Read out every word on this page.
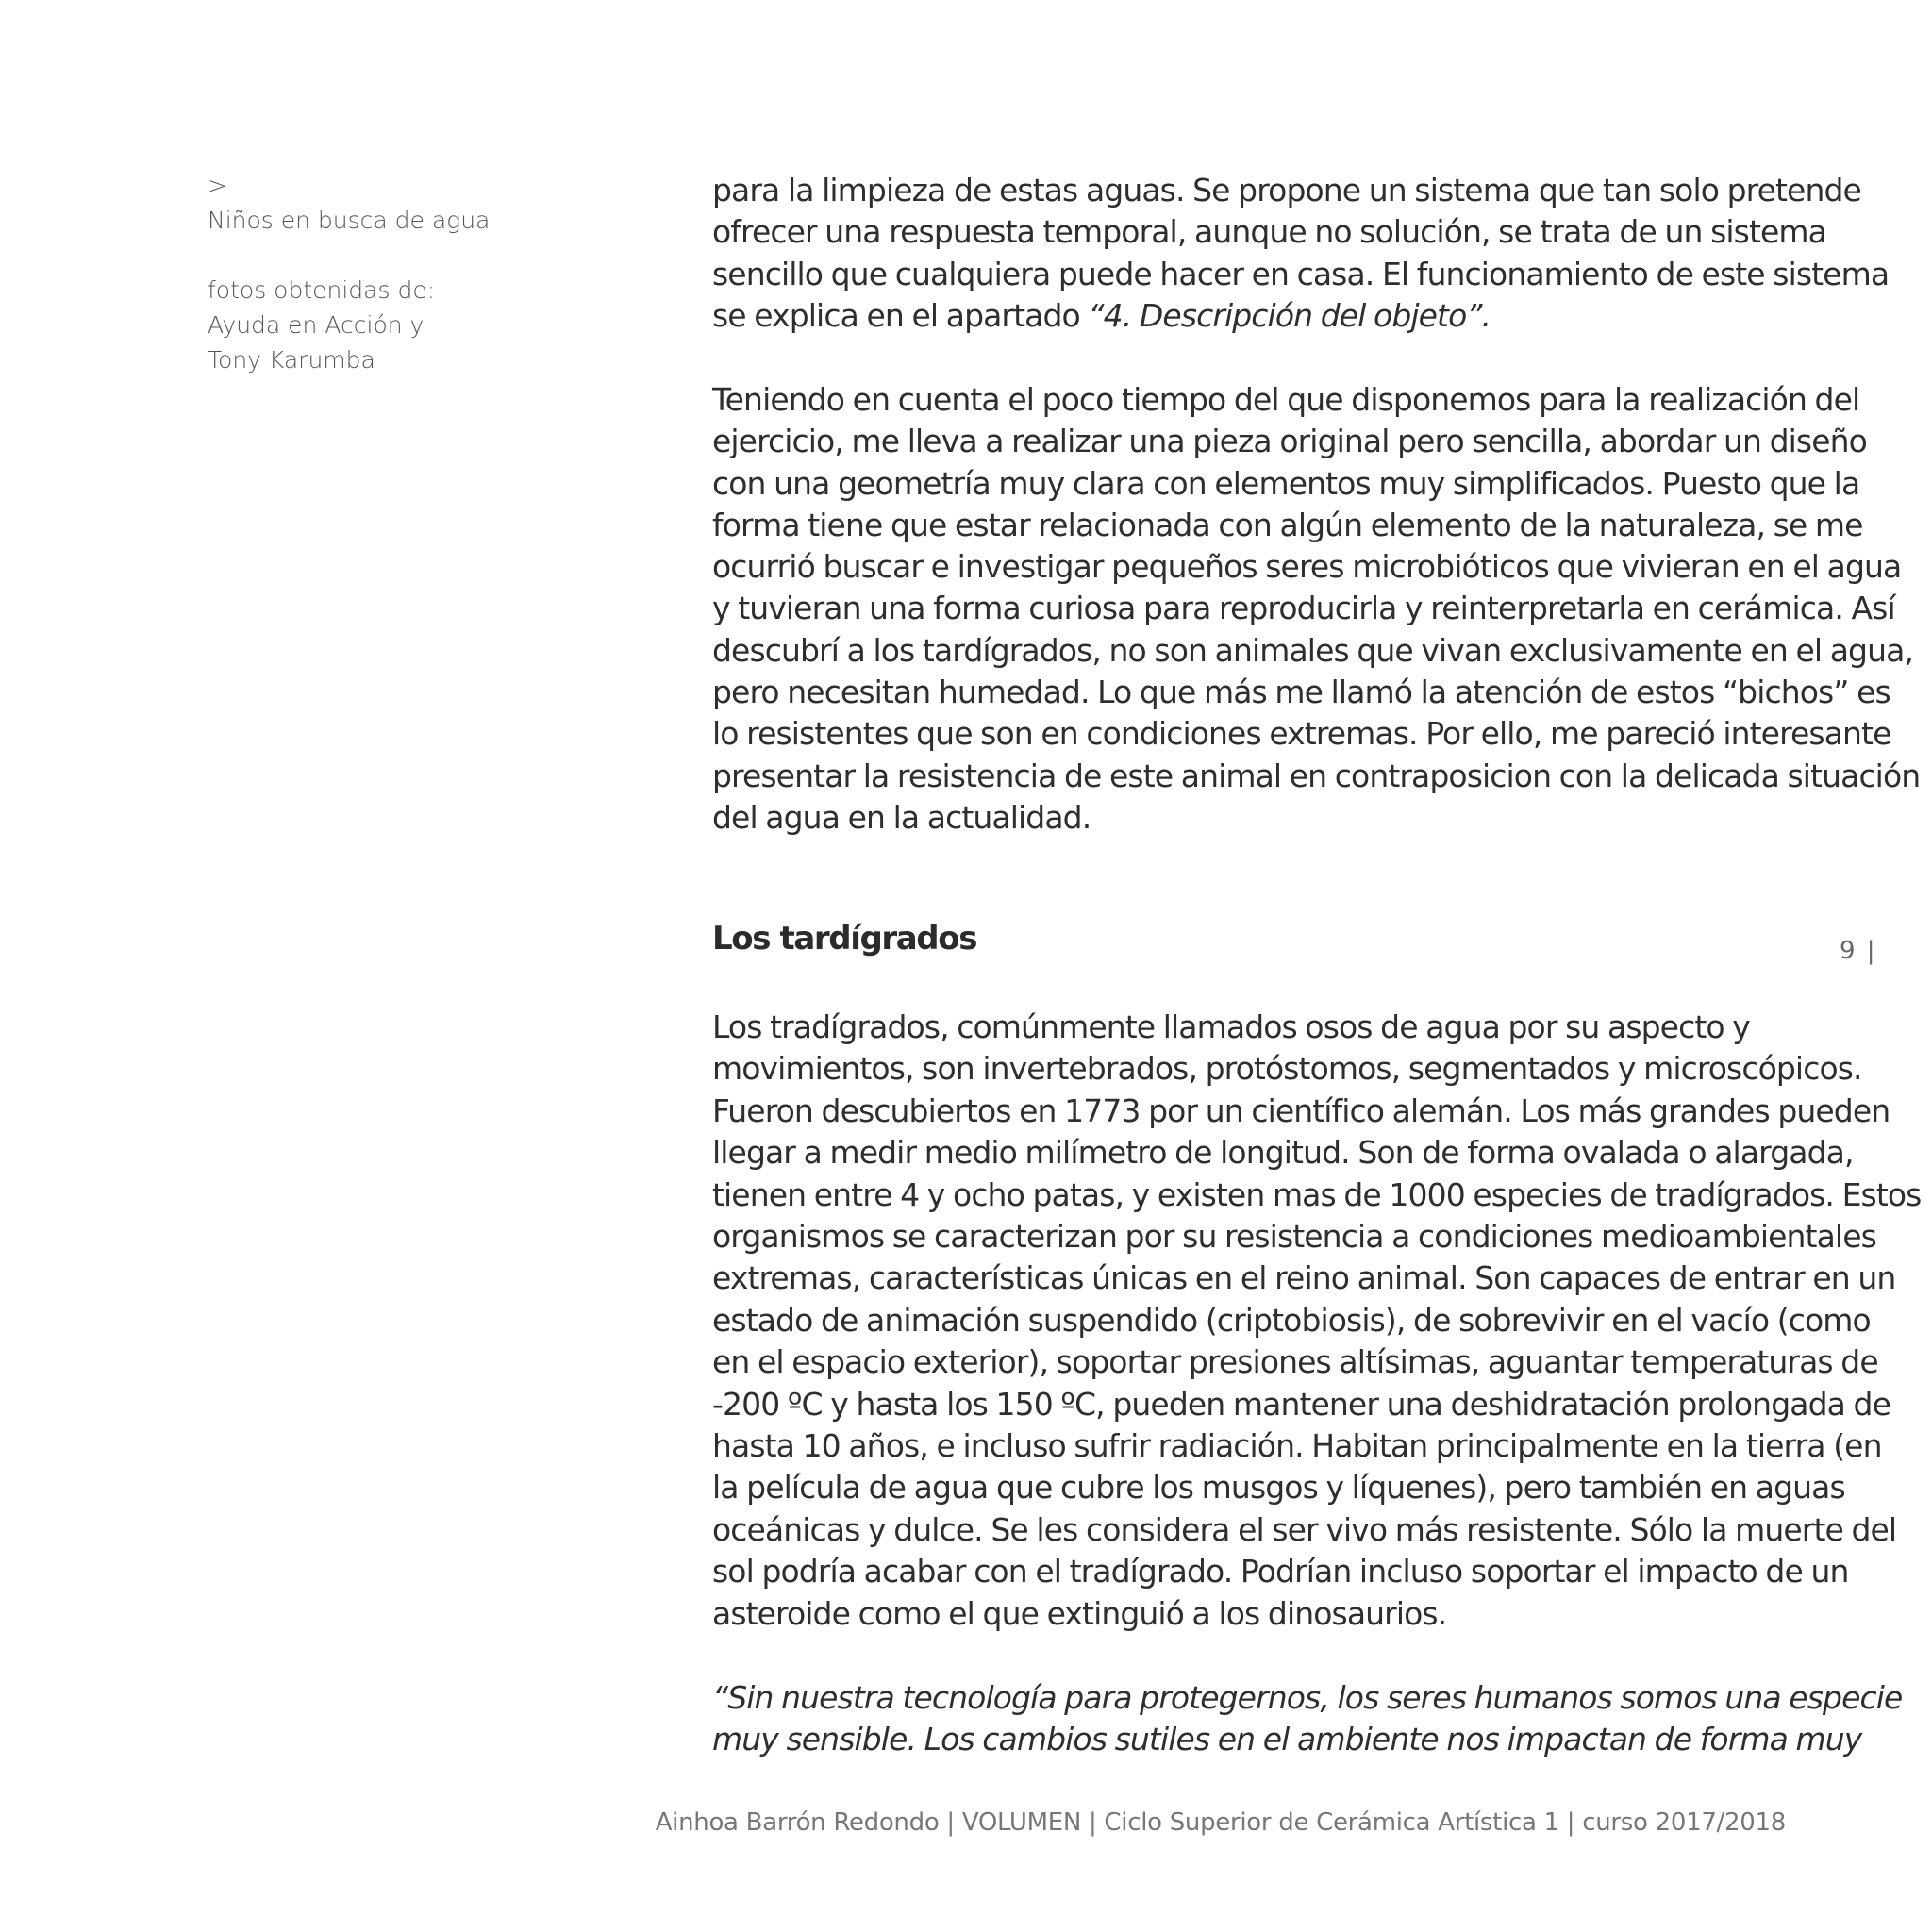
>
Niños en busca de agua
fotos obtenidas de:
Ayuda en Acción y
Tony Karumba
para la limpieza de estas aguas. Se propone un sistema que tan solo pretende
ofrecer una respuesta temporal, aunque no solución, se trata de un sistema
sencillo que cualquiera puede hacer en casa. El funcionamiento de este sistema
se explica en el apartado “4. Descripción del objeto”.
Teniendo en cuenta el poco tiempo del que disponemos para la realización del
ejercicio, me lleva a realizar una pieza original pero sencilla, abordar un diseño
con una geometría muy clara con elementos muy simplificados. Puesto que la
forma tiene que estar relacionada con algún elemento de la naturaleza, se me
ocurrió buscar e investigar pequeños seres microbióticos que vivieran en el agua
y tuvieran una forma curiosa para reproducirla y reinterpretarla en cerámica. Así
descubrí a los tardígrados, no son animales que vivan exclusivamente en el agua,
pero necesitan humedad. Lo que más me llamó la atención de estos “bichos” es
lo resistentes que son en condiciones extremas. Por ello, me pareció interesante
presentar la resistencia de este animal en contraposicion con la delicada situación
del agua en la actualidad.
Los tardígrados	9 |
Los tradígrados, comúnmente llamados osos de agua por su aspecto y
movimientos, son invertebrados, protóstomos, segmentados y microscópicos.
Fueron descubiertos en 1773 por un científico alemán. Los más grandes pueden
llegar a medir medio milímetro de longitud. Son de forma ovalada o alargada,
tienen entre 4 y ocho patas, y existen mas de 1000 especies de tradígrados. Estos
organismos se caracterizan por su resistencia a condiciones medioambientales
extremas, características únicas en el reino animal. Son capaces de entrar en un
estado de animación suspendido (criptobiosis), de sobrevivir en el vacío (como
en el espacio exterior), soportar presiones altísimas, aguantar temperaturas de
-200 ºC y hasta los 150 ºC, pueden mantener una deshidratación prolongada de
hasta 10 años, e incluso sufrir radiación. Habitan principalmente en la tierra (en
la película de agua que cubre los musgos y líquenes), pero también en aguas
oceánicas y dulce. Se les considera el ser vivo más resistente. Sólo la muerte del
sol podría acabar con el tradígrado. Podrían incluso soportar el impacto de un
asteroide como el que extinguió a los dinosaurios.
“Sin nuestra tecnología para protegernos, los seres humanos somos una especie
muy sensible. Los cambios sutiles en el ambiente nos impactan de forma muy
Ainhoa Barrón Redondo | VOLUMEN | Ciclo Superior de Cerámica Artística 1 | curso 2017/2018
